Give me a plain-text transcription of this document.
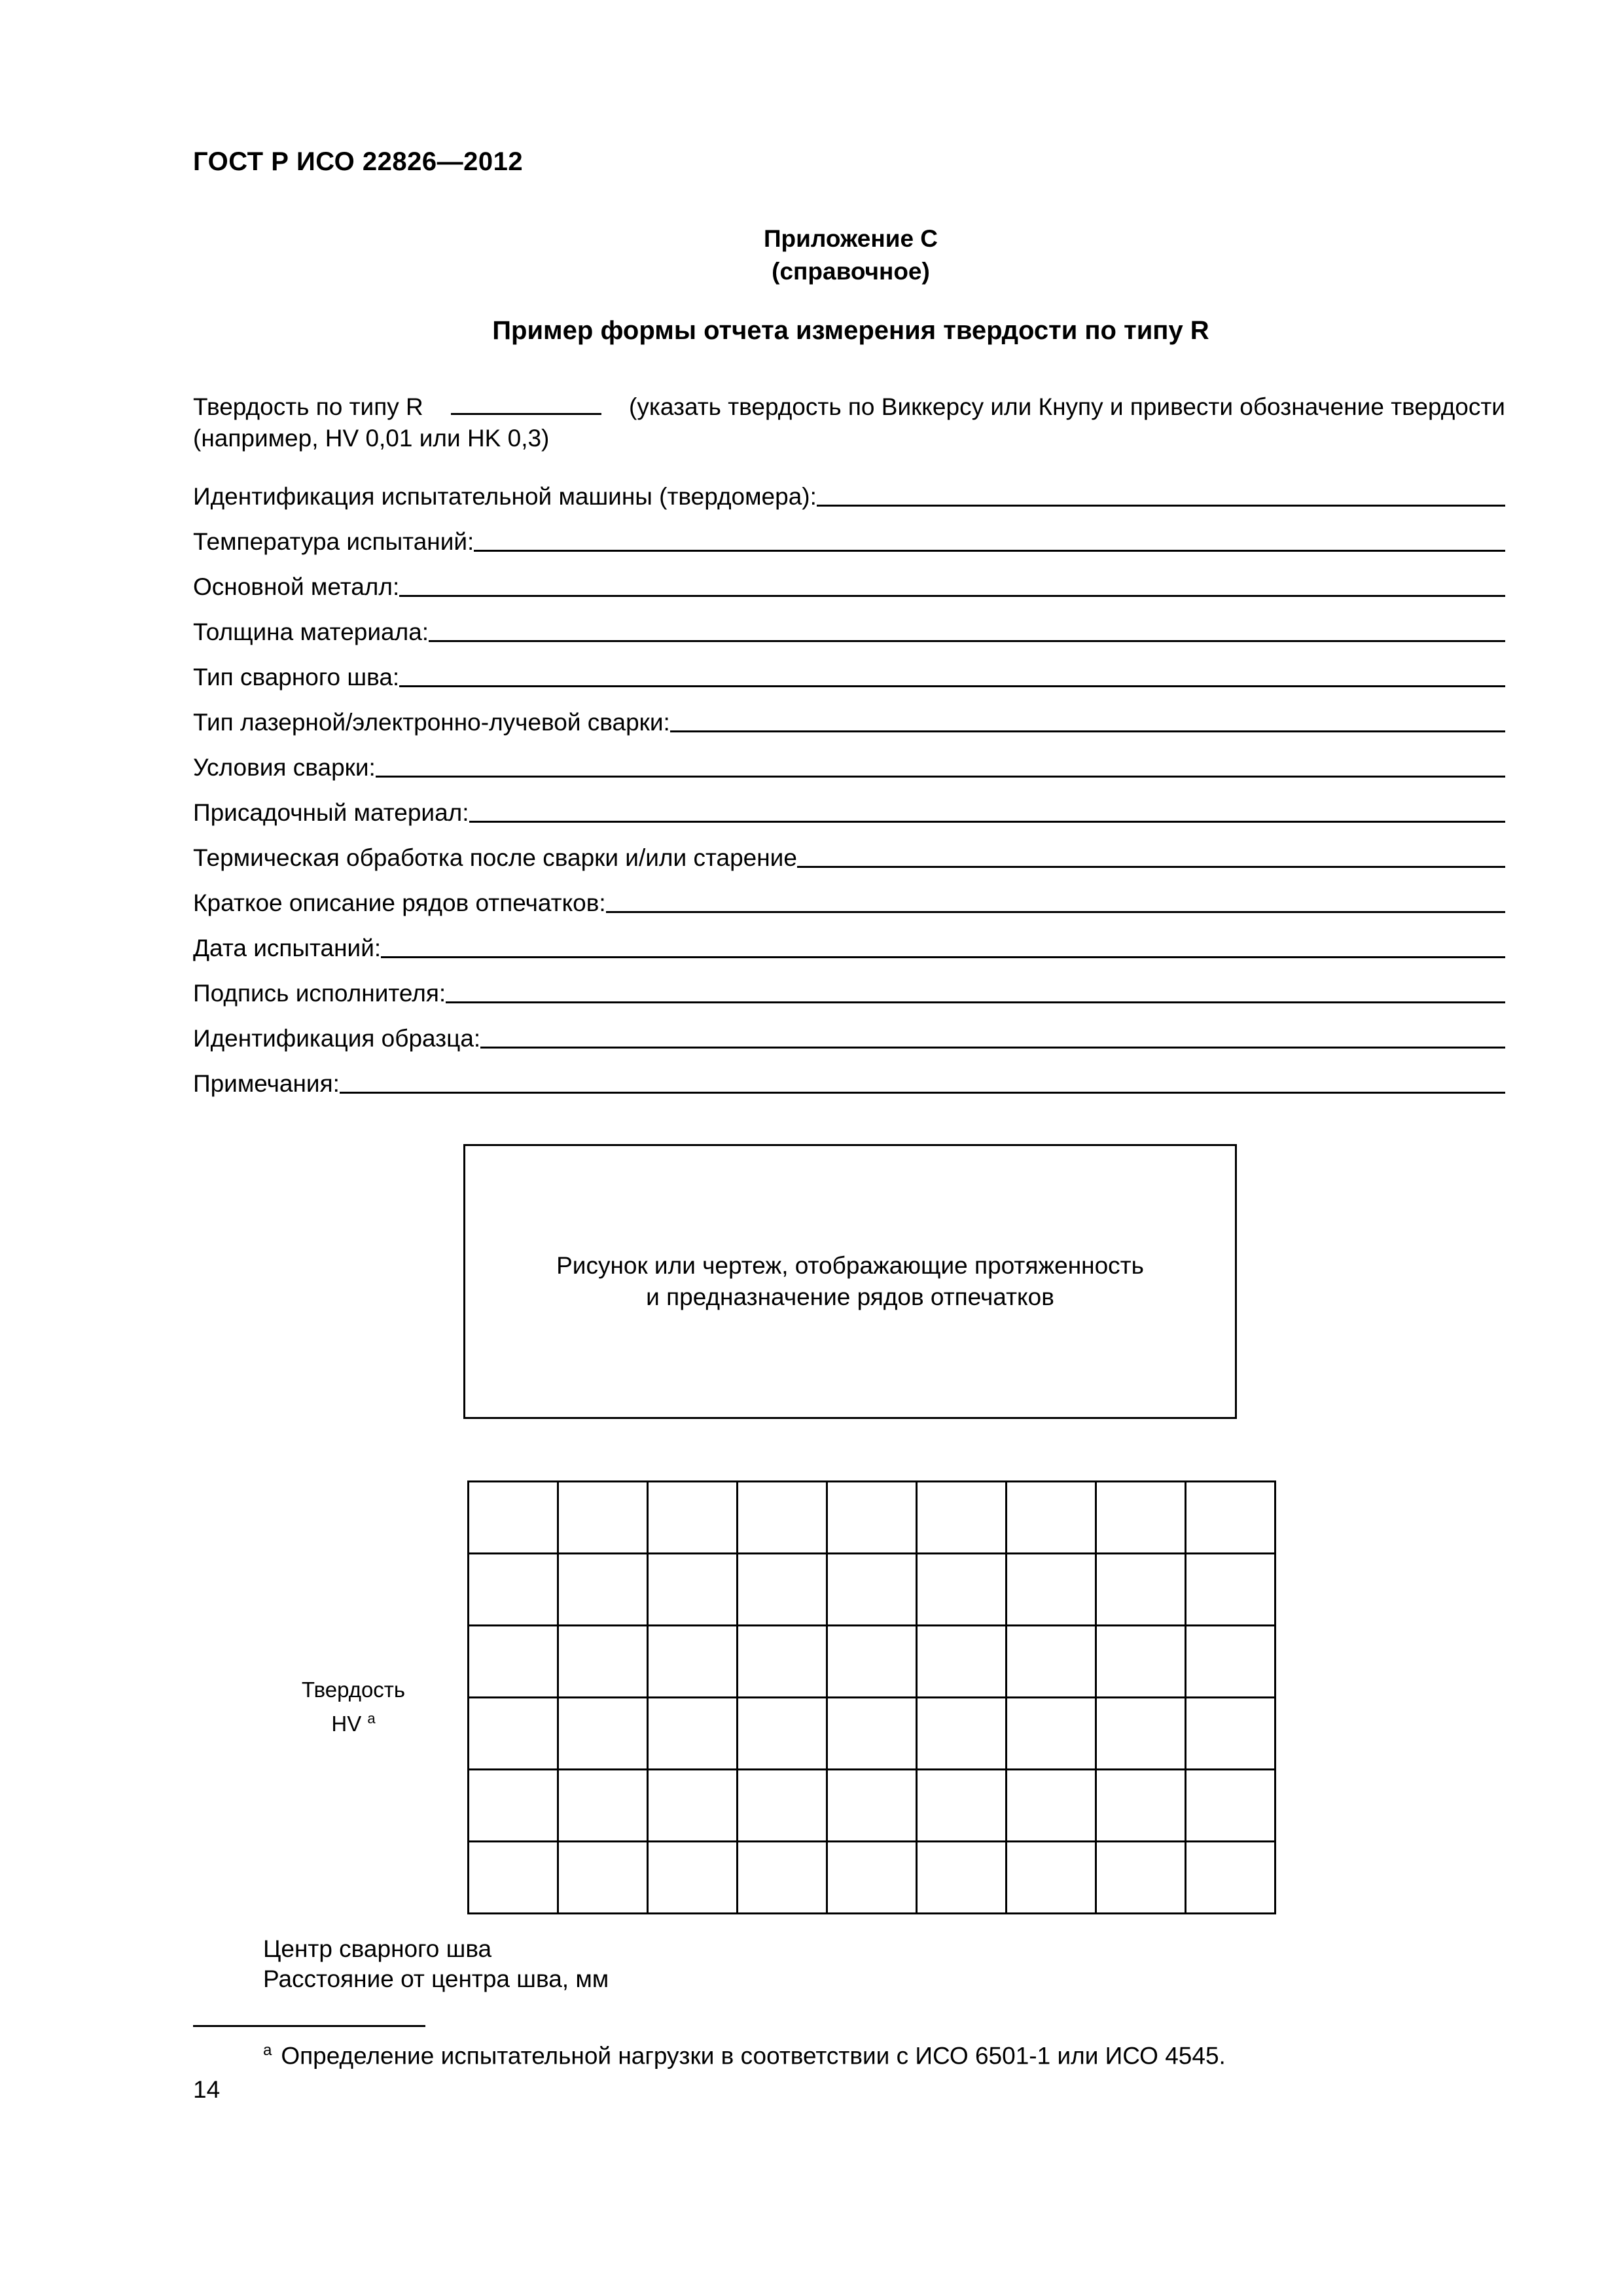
ГОСТ Р ИСО 22826—2012
Приложение С
(справочное)
Пример формы отчета измерения твердости по типу R
Твердость по типу R	(указать твердость по Виккерсу или Кнупу и привести обозначение твердости
(например, HV 0,01 или HK 0,3)
Идентификация испытательной машины (твердомера):
Температура испытаний:
Основной металл:
Толщина материала:
Тип сварного шва:
Тип лазерной/электронно-лучевой сварки:
Условия сварки:
Присадочный материал:
Термическая обработка после сварки и/или старение
Краткое описание рядов отпечатков:
Дата испытаний:
Подпись исполнителя:
Идентификация образца:
Примечания:
Рисунок или чертеж, отображающие протяженность
и предназначение рядов отпечатков
Твердость
HV $^a$

Центр сварного шва
Расстояние от центра шва, мм
$^a$ Определение испытательной нагрузки в соответствии с ИСО 6501-1 или ИСО 4545.
14
